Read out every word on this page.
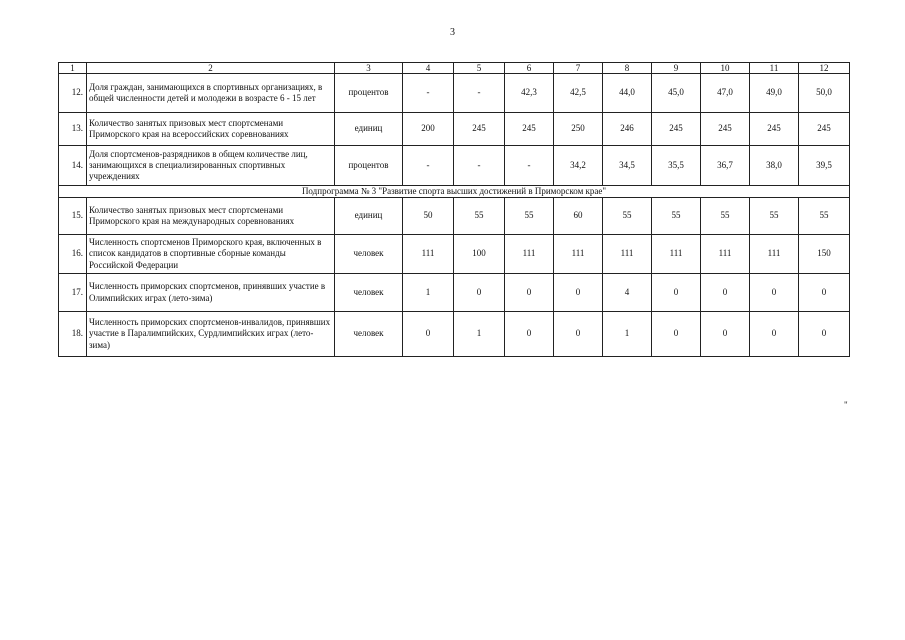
3
1	2	3	4	5	6	7	8	9	10	11	12
12.	Доля граждан, занимающихся в спортивных организациях, в общей численности детей и молодежи в возрасте 6 - 15 лет	процентов	-	-	42,3	42,5	44,0	45,0	47,0	49,0	50,0
13.	Количество занятых призовых мест спортсменами Приморского края на всероссийских соревнованиях	единиц	200	245	245	250	246	245	245	245	245
14.	Доля спортсменов-разрядников в общем количестве лиц, занимающихся в специализированных спортивных учреждениях	процентов	-	-	-	34,2	34,5	35,5	36,7	38,0	39,5
Подпрограмма № 3 "Развитие спорта высших достижений в Приморском крае"											
15.	Количество занятых призовых мест спортсменами Приморского края на международных соревнованиях	единиц	50	55	55	60	55	55	55	55	55
16.	Численность спортсменов Приморского края, включенных в список кандидатов в спортивные сборные команды Российской Федерации	человек	111	100	111	111	111	111	111	111	150
17.	Численность приморских спортсменов, принявших участие в Олимпийских играх (лето-зима)	человек	1	0	0	0	4	0	0	0	0
18.	Численность приморских спортсменов-инвалидов, принявших участие в Паралимпийских, Сурдлимпийских играх (лето-зима)	человек	0	1	0	0	1	0	0	0	0
"
